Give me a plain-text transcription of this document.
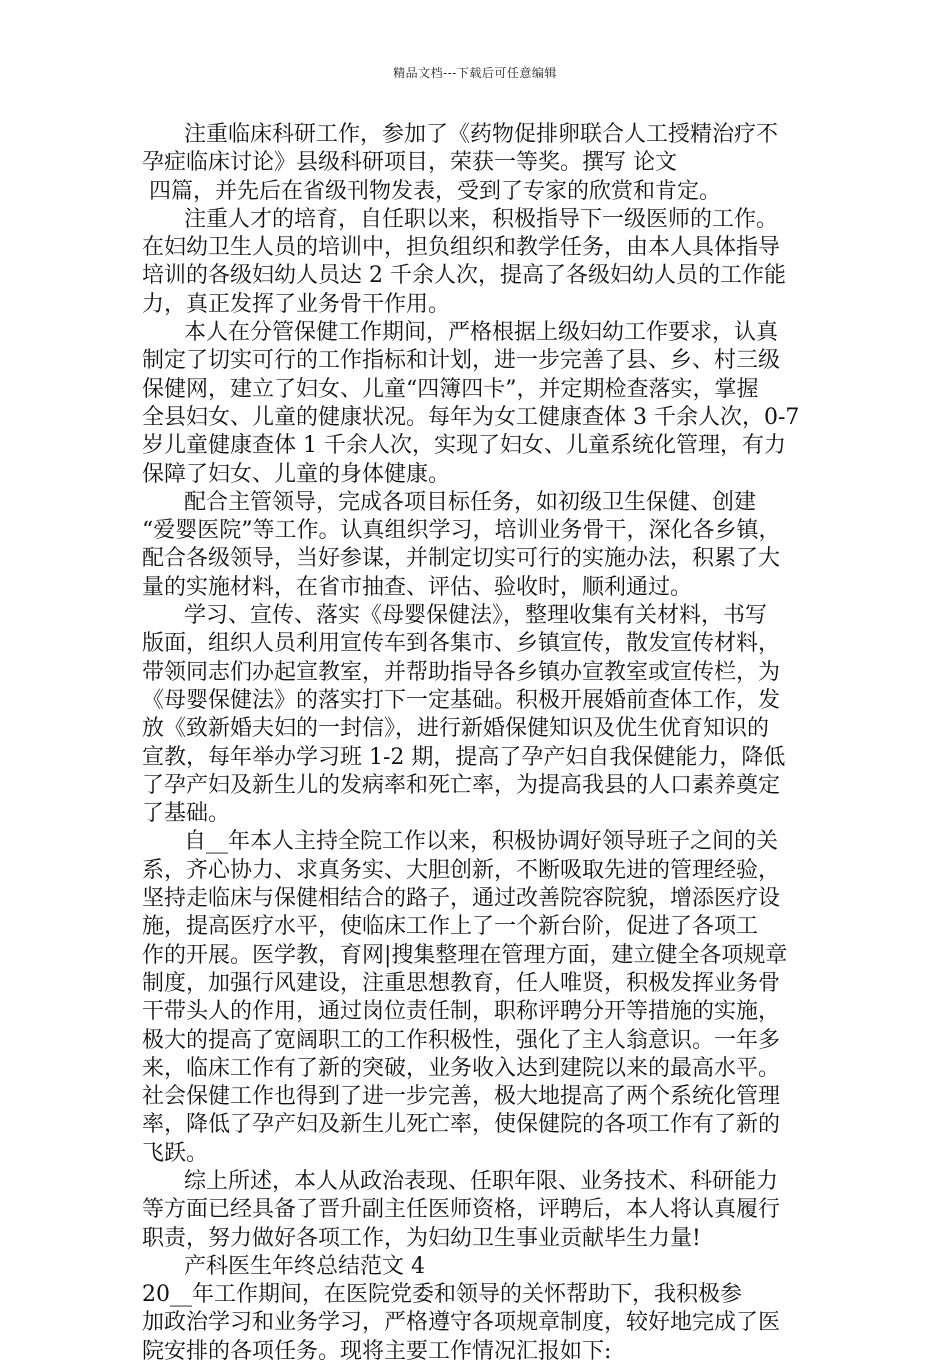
精品文档---下载后可任意编辑
注重临床科研工作，参加了《药物促排卵联合人工授精治疗不
孕症临床讨论》县级科研项目，荣获一等奖。撰写 论文
四篇，并先后在省级刊物发表，受到了专家的欣赏和肯定。
注重人才的培育，自任职以来，积极指导下一级医师的工作。
在妇幼卫生人员的培训中，担负组织和教学任务，由本人具体指导
培训的各级妇幼人员达 2 千余人次，提高了各级妇幼人员的工作能
力，真正发挥了业务骨干作用。
本人在分管保健工作期间，严格根据上级妇幼工作要求，认真
制定了切实可行的工作指标和计划，进一步完善了县、乡、村三级
保健网，建立了妇女、儿童“四簿四卡”，并定期检查落实，掌握
全县妇女、儿童的健康状况。每年为女工健康查体 3 千余人次，0-7
岁儿童健康查体 1 千余人次，实现了妇女、儿童系统化管理，有力
保障了妇女、儿童的身体健康。
配合主管领导，完成各项目标任务，如初级卫生保健、创建
“爱婴医院”等工作。认真组织学习，培训业务骨干，深化各乡镇，
配合各级领导，当好参谋，并制定切实可行的实施办法，积累了大
量的实施材料，在省市抽查、评估、验收时，顺利通过。
学习、宣传、落实《母婴保健法》，整理收集有关材料，书写
版面，组织人员利用宣传车到各集市、乡镇宣传，散发宣传材料，
带领同志们办起宣教室，并帮助指导各乡镇办宣教室或宣传栏，为
《母婴保健法》的落实打下一定基础。积极开展婚前查体工作，发
放《致新婚夫妇的一封信》，进行新婚保健知识及优生优育知识的
宣教，每年举办学习班 1-2 期，提高了孕产妇自我保健能力，降低
了孕产妇及新生儿的发病率和死亡率，为提高我县的人口素养奠定
了基础。
自__年本人主持全院工作以来，积极协调好领导班子之间的关
系，齐心协力、求真务实、大胆创新，不断吸取先进的管理经验，
坚持走临床与保健相结合的路子，通过改善院容院貌，增添医疗设
施，提高医疗水平，使临床工作上了一个新台阶，促进了各项工
作的开展。医学教，育网|搜集整理在管理方面，建立健全各项规章
制度，加强行风建设，注重思想教育，任人唯贤，积极发挥业务骨
干带头人的作用，通过岗位责任制，职称评聘分开等措施的实施，
极大的提高了宽阔职工的工作积极性，强化了主人翁意识。一年多
来，临床工作有了新的突破，业务收入达到建院以来的最高水平。
社会保健工作也得到了进一步完善，极大地提高了两个系统化管理
率，降低了孕产妇及新生儿死亡率，使保健院的各项工作有了新的
飞跃。
综上所述，本人从政治表现、任职年限、业务技术、科研能力
等方面已经具备了晋升副主任医师资格，评聘后，本人将认真履行
职责，努力做好各项工作，为妇幼卫生事业贡献毕生力量!
产科医生年终总结范文 4
20__年工作期间，在医院党委和领导的关怀帮助下，我积极参
加政治学习和业务学习，严格遵守各项规章制度，较好地完成了医
院安排的各项任务。现将主要工作情况汇报如下:
